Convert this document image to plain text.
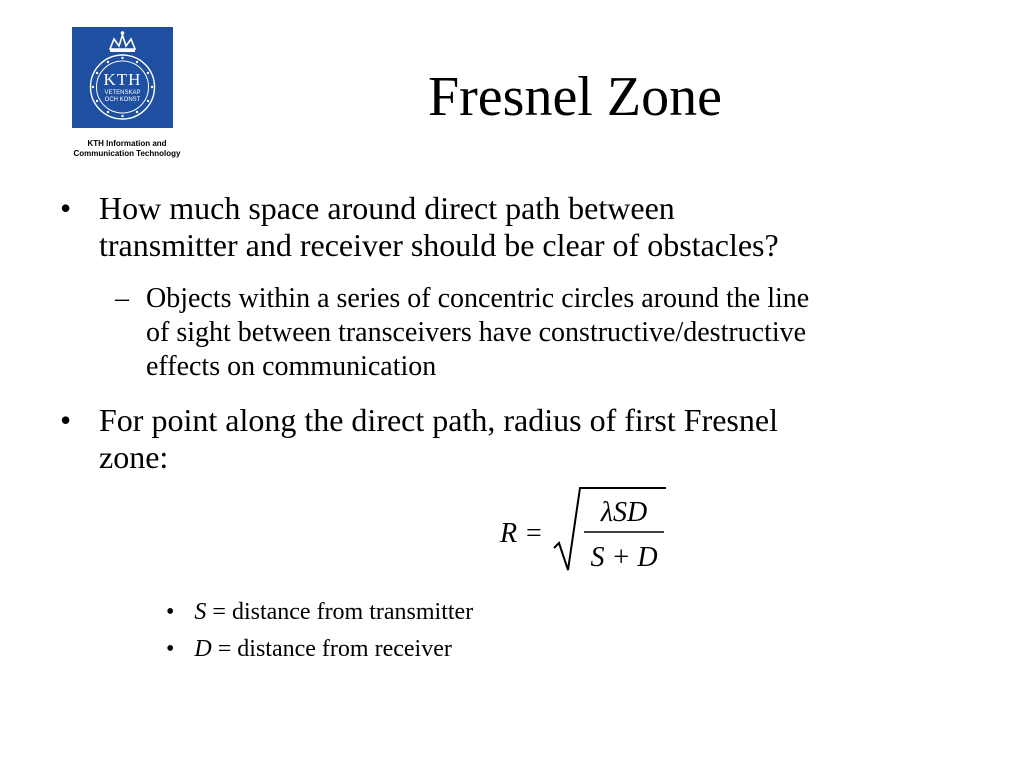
KTH
VETENSKAP
OCH KONST
KTH Information and
Communication Technology
Fresnel Zone
• How much space around direct path between
transmitter and receiver should be clear of obstacles?
– Objects within a series of concentric circles around the line
of sight between transceivers have constructive/destructive
effects on communication
• For point along the direct path, radius of first Fresnel
zone:
R =
λSD
S + D
• S = distance from transmitter
• D = distance from receiver
